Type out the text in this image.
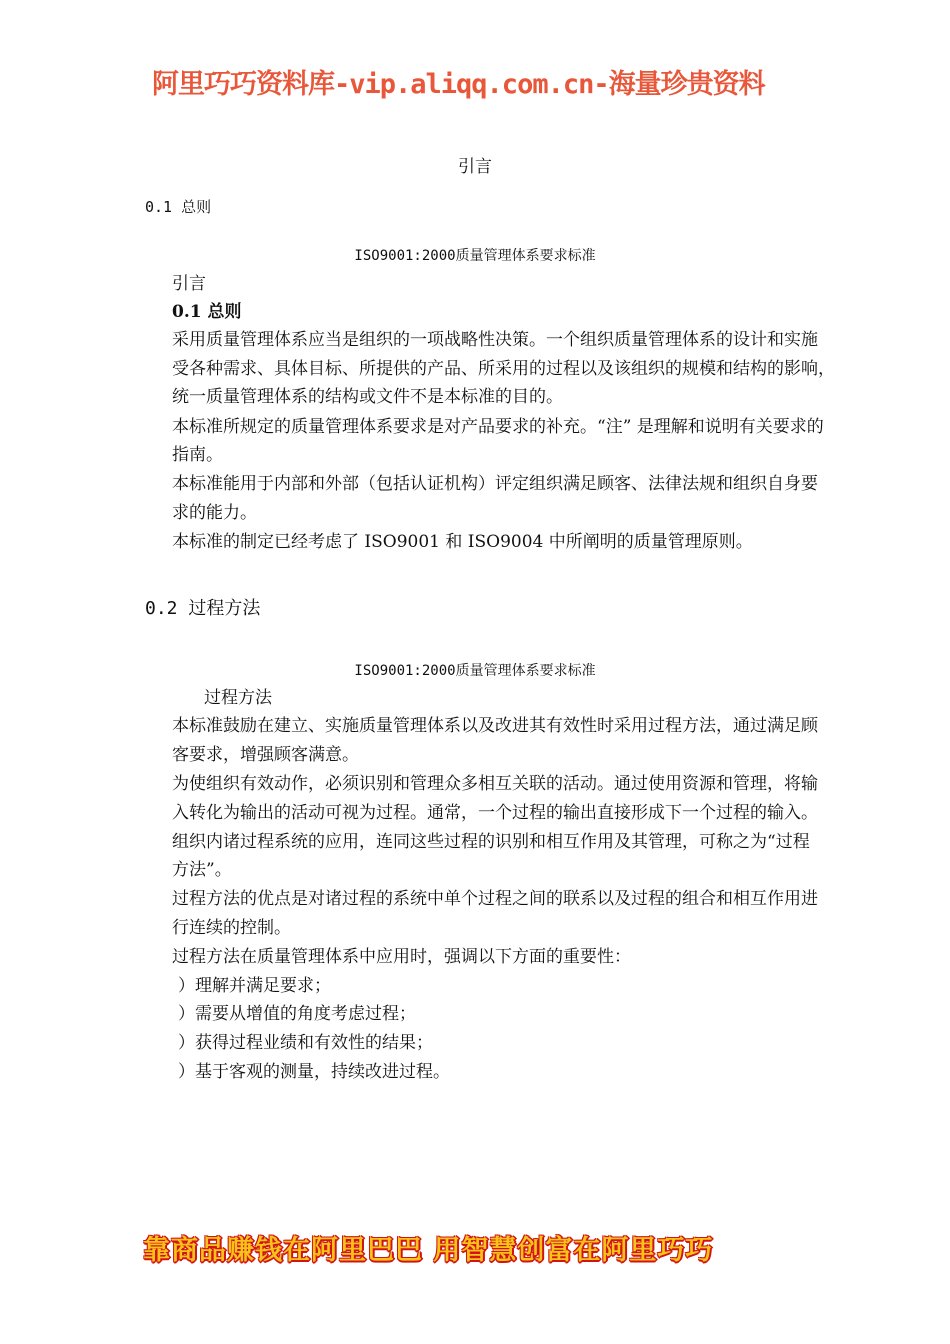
阿里巧巧资料库-vip.aliqq.com.cn-海量珍贵资料
引言
0.1 总则
ISO9001:2000质量管理体系要求标准
引言
0.1 总则
采用质量管理体系应当是组织的一项战略性决策。一个组织质量管理体系的设计和实施
受各种需求、具体目标、所提供的产品、所采用的过程以及该组织的规模和结构的影响，
统一质量管理体系的结构或文件不是本标准的目的。
本标准所规定的质量管理体系要求是对产品要求的补充。“注” 是理解和说明有关要求的
指南。
本标准能用于内部和外部（包括认证机构）评定组织满足顾客、法律法规和组织自身要
求的能力。
本标准的制定已经考虑了 ISO9001 和 ISO9004 中所阐明的质量管理原则。
0.2 过程方法
ISO9001:2000质量管理体系要求标准
过程方法
本标准鼓励在建立、实施质量管理体系以及改进其有效性时采用过程方法，通过满足顾
客要求，增强顾客满意。
为使组织有效动作，必须识别和管理众多相互关联的活动。通过使用资源和管理，将输
入转化为输出的活动可视为过程。通常，一个过程的输出直接形成下一个过程的输入。
组织内诸过程系统的应用，连同这些过程的识别和相互作用及其管理，可称之为“过程
方法”。
过程方法的优点是对诸过程的系统中单个过程之间的联系以及过程的组合和相互作用进
行连续的控制。
过程方法在质量管理体系中应用时，强调以下方面的重要性：
）理解并满足要求；
）需要从增值的角度考虑过程；
）获得过程业绩和有效性的结果；
）基于客观的测量，持续改进过程。
靠商品赚钱在阿里巴巴 用智慧创富在阿里巧巧
